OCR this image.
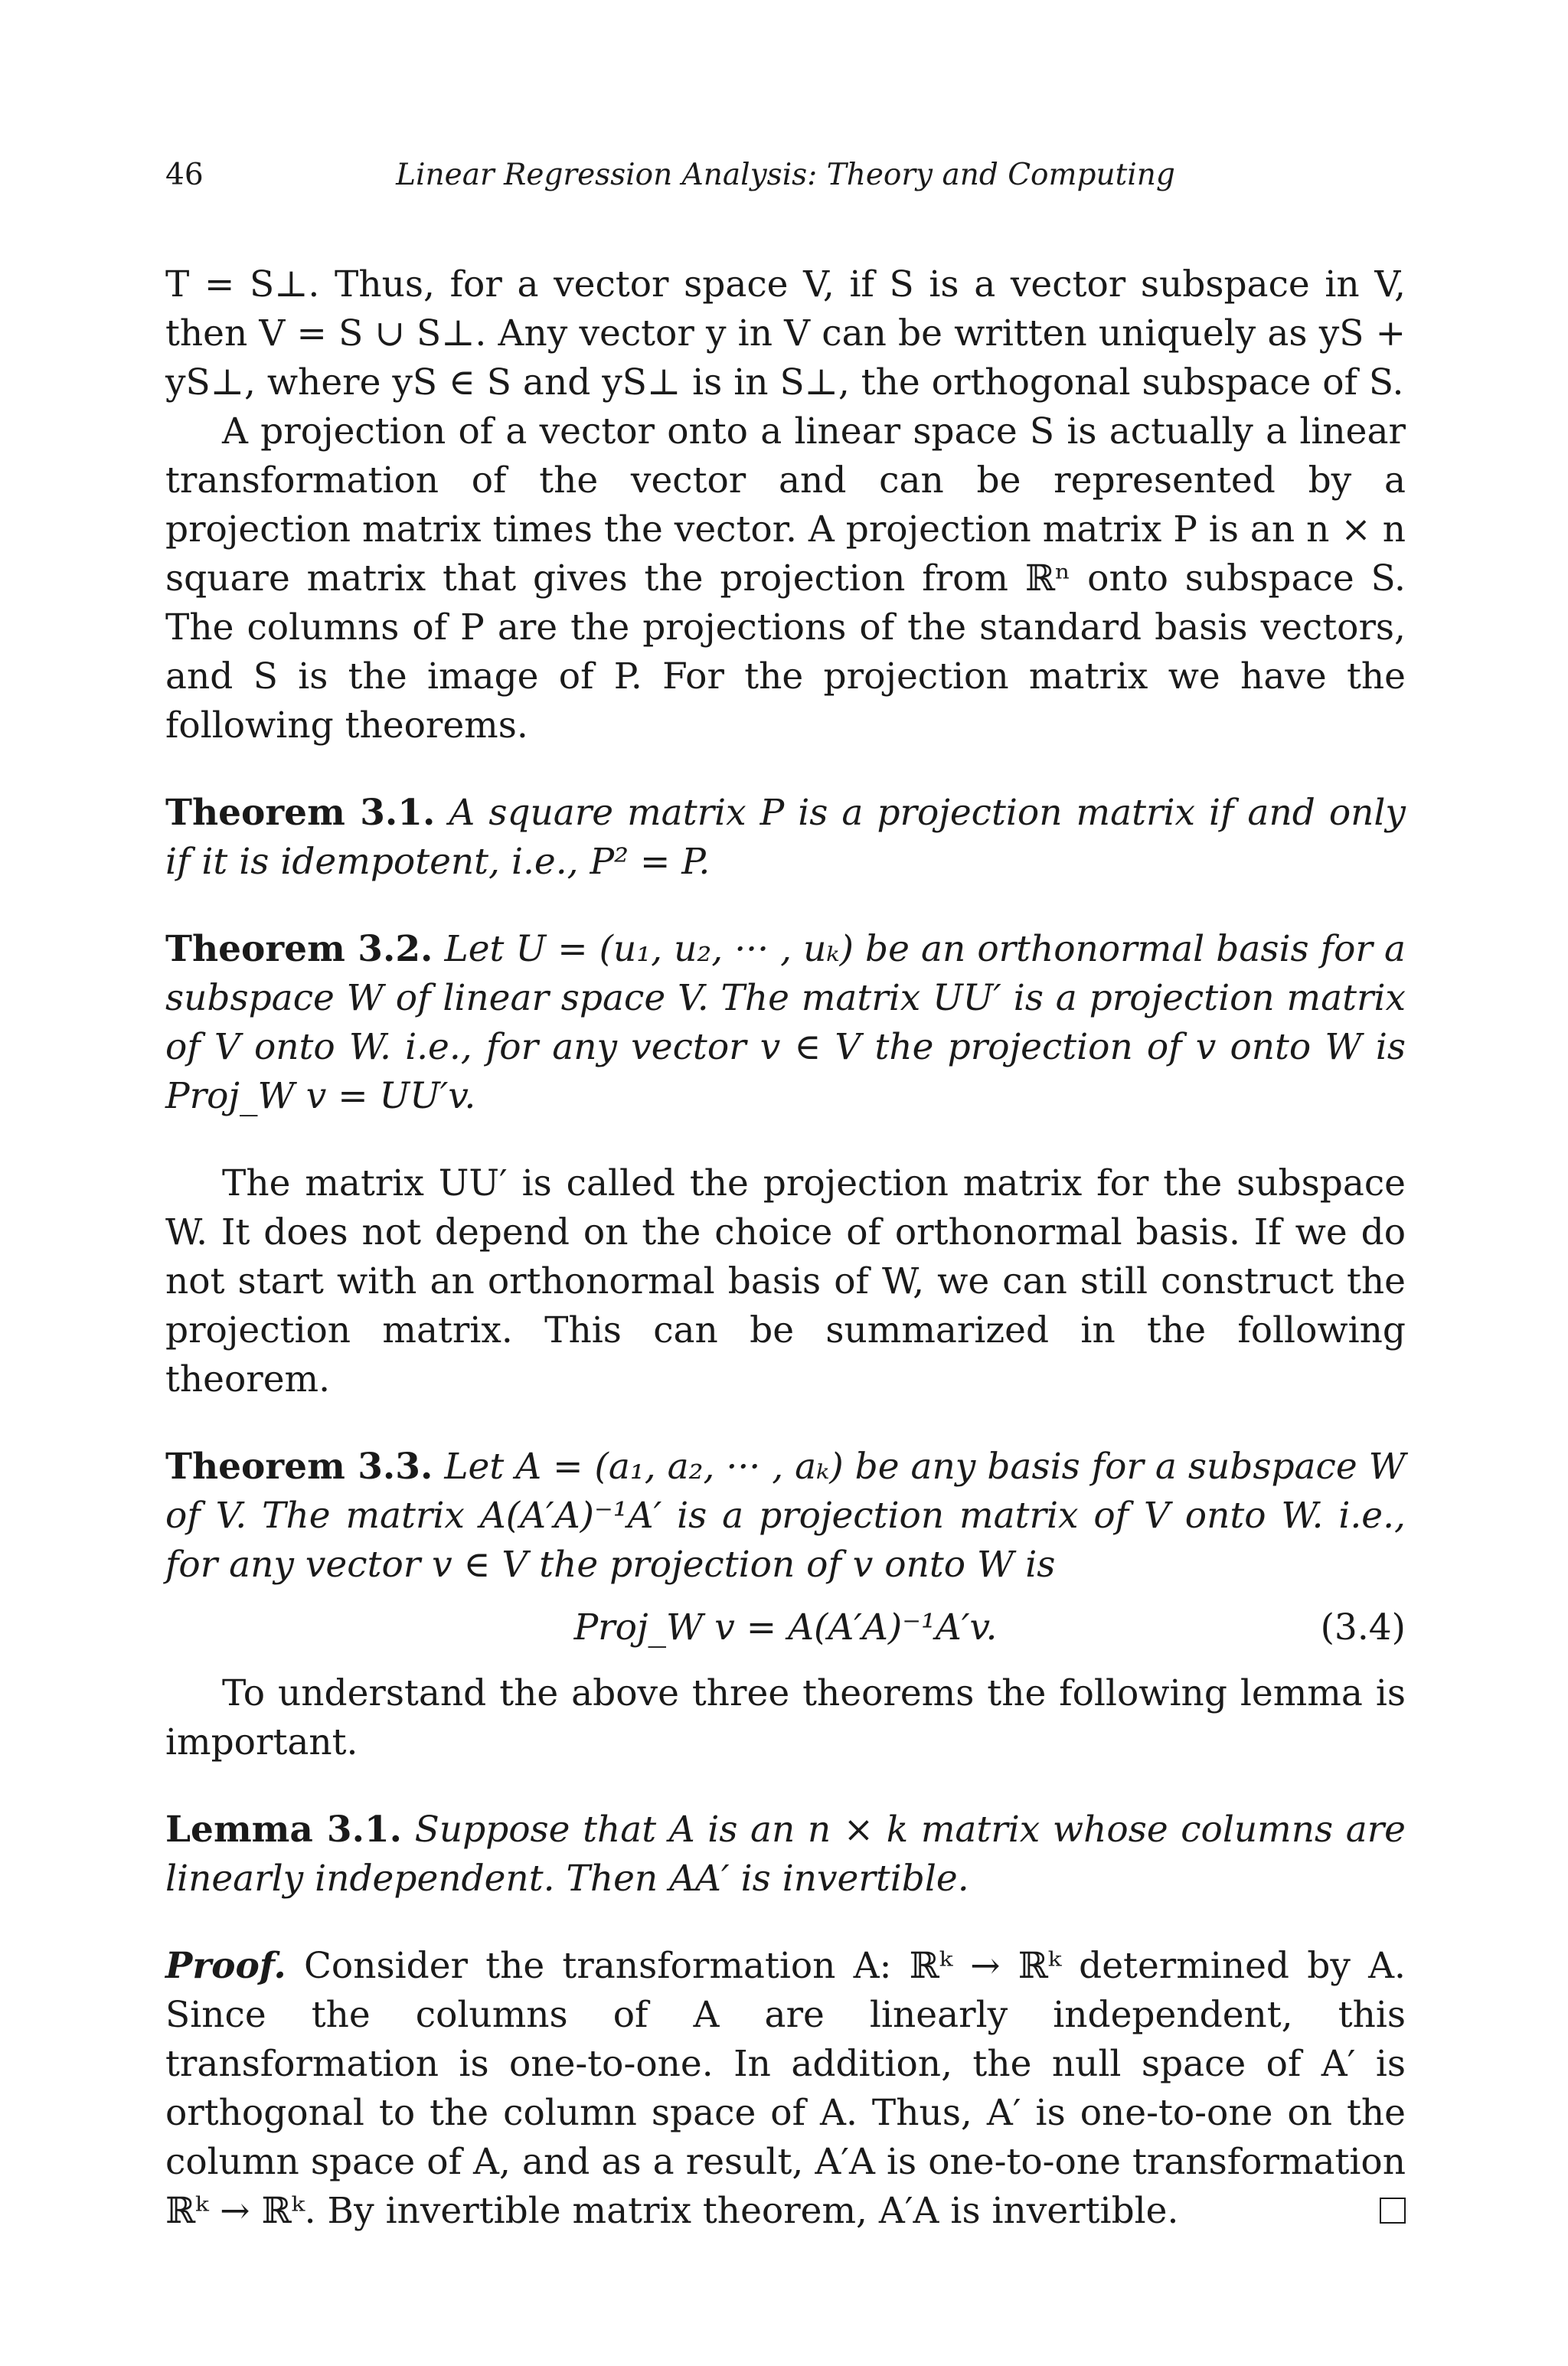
46	Linear Regression Analysis: Theory and Computing

T = S⊥. Thus, for a vector space V, if S is a vector subspace in V, then V = S ∪ S⊥. Any vector y in V can be written uniquely as yS + yS⊥, where yS ∈ S and yS⊥ is in S⊥, the orthogonal subspace of S.

A projection of a vector onto a linear space S is actually a linear transformation of the vector and can be represented by a projection matrix times the vector. A projection matrix P is an n × n square matrix that gives the projection from ℝⁿ onto subspace S. The columns of P are the projections of the standard basis vectors, and S is the image of P. For the projection matrix we have the following theorems.

Theorem 3.1. A square matrix P is a projection matrix if and only if it is idempotent, i.e., P² = P.

Theorem 3.2. Let U = (u₁, u₂, ··· , uₖ) be an orthonormal basis for a subspace W of linear space V. The matrix UU′ is a projection matrix of V onto W. i.e., for any vector v ∈ V the projection of v onto W is Proj_W v = UU′v.

The matrix UU′ is called the projection matrix for the subspace W. It does not depend on the choice of orthonormal basis. If we do not start with an orthonormal basis of W, we can still construct the projection matrix. This can be summarized in the following theorem.

Theorem 3.3. Let A = (a₁, a₂, ··· , aₖ) be any basis for a subspace W of V. The matrix A(A′A)⁻¹A′ is a projection matrix of V onto W. i.e., for any vector v ∈ V the projection of v onto W is

Proj_W v = A(A′A)⁻¹A′v.	(3.4)

To understand the above three theorems the following lemma is important.

Lemma 3.1. Suppose that A is an n × k matrix whose columns are linearly independent. Then AA′ is invertible.

Proof. Consider the transformation A: ℝᵏ → ℝᵏ determined by A. Since the columns of A are linearly independent, this transformation is one-to-one. In addition, the null space of A′ is orthogonal to the column space of A. Thus, A′ is one-to-one on the column space of A, and as a result, A′A is one-to-one transformation ℝᵏ → ℝᵏ. By invertible matrix theorem, A′A is invertible.
